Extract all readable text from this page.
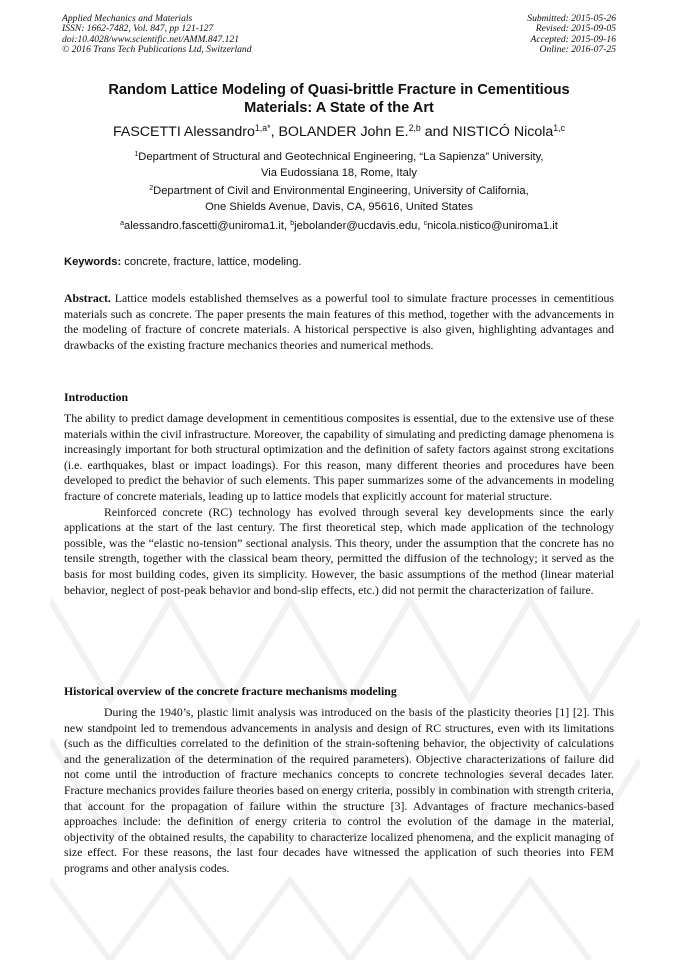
Applied Mechanics and Materials
ISSN: 1662-7482, Vol. 847, pp 121-127
doi:10.4028/www.scientific.net/AMM.847.121
© 2016 Trans Tech Publications Ltd, Switzerland
Submitted: 2015-05-26
Revised: 2015-09-05
Accepted: 2015-09-16
Online: 2016-07-25
Random Lattice Modeling of Quasi-brittle Fracture in Cementitious
Materials: A State of the Art
FASCETTI Alessandro$^{1,a*}$, BOLANDER John E.$^{2,b}$ and NISTICÓ Nicola$^{1,c}$
$^1$Department of Structural and Geotechnical Engineering, “La Sapienza” University,
Via Eudossiana 18, Rome, Italy
$^2$Department of Civil and Environmental Engineering, University of California,
One Shields Avenue, Davis, CA, 95616, United States
$^a$alessandro.fascetti@uniroma1.it, $^b$jebolander@ucdavis.edu, $^c$nicola.nistico@uniroma1.it
Keywords: concrete, fracture, lattice, modeling.

Abstract. Lattice models established themselves as a powerful tool to simulate fracture processes in cementitious materials such as concrete. The paper presents the main features of this method, together with the advancements in the modeling of fracture of concrete materials. A historical perspective is also given, highlighting advantages and drawbacks of the existing fracture mechanics theories and numerical methods.

Introduction

The ability to predict damage development in cementitious composites is essential, due to the extensive use of these materials within the civil infrastructure. Moreover, the capability of simulating and predicting damage phenomena is increasingly important for both structural optimization and the definition of safety factors against strong excitations (i.e. earthquakes, blast or impact loadings). For this reason, many different theories and procedures have been developed to predict the behavior of such elements. This paper summarizes some of the advancements in modeling fracture of concrete materials, leading up to lattice models that explicitly account for material structure.

Reinforced concrete (RC) technology has evolved through several key developments since the early applications at the start of the last century. The first theoretical step, which made application of the technology possible, was the “elastic no-tension” sectional analysis. This theory, under the assumption that the concrete has no tensile strength, together with the classical beam theory, permitted the diffusion of the technology; it served as the basis for most building codes, given its simplicity. However, the basic assumptions of the method (linear material behavior, neglect of post-peak behavior and bond-slip effects, etc.) did not permit the characterization of failure.

Historical overview of the concrete fracture mechanisms modeling

During the 1940’s, plastic limit analysis was introduced on the basis of the plasticity theories [1] [2]. This new standpoint led to tremendous advancements in analysis and design of RC structures, even with its limitations (such as the difficulties correlated to the definition of the strain-softening behavior, the objectivity of calculations and the generalization of the determination of the required parameters). Objective characterizations of failure did not come until the introduction of fracture mechanics concepts to concrete technologies several decades later. Fracture mechanics provides failure theories based on energy criteria, possibly in combination with strength criteria, that account for the propagation of failure within the structure [3]. Advantages of fracture mechanics-based approaches include: the definition of energy criteria to control the evolution of the damage in the material, objectivity of the obtained results, the capability to characterize localized phenomena, and the explicit managing of size effect. For these reasons, the last four decades have witnessed the application of such theories into FEM programs and other analysis codes.
